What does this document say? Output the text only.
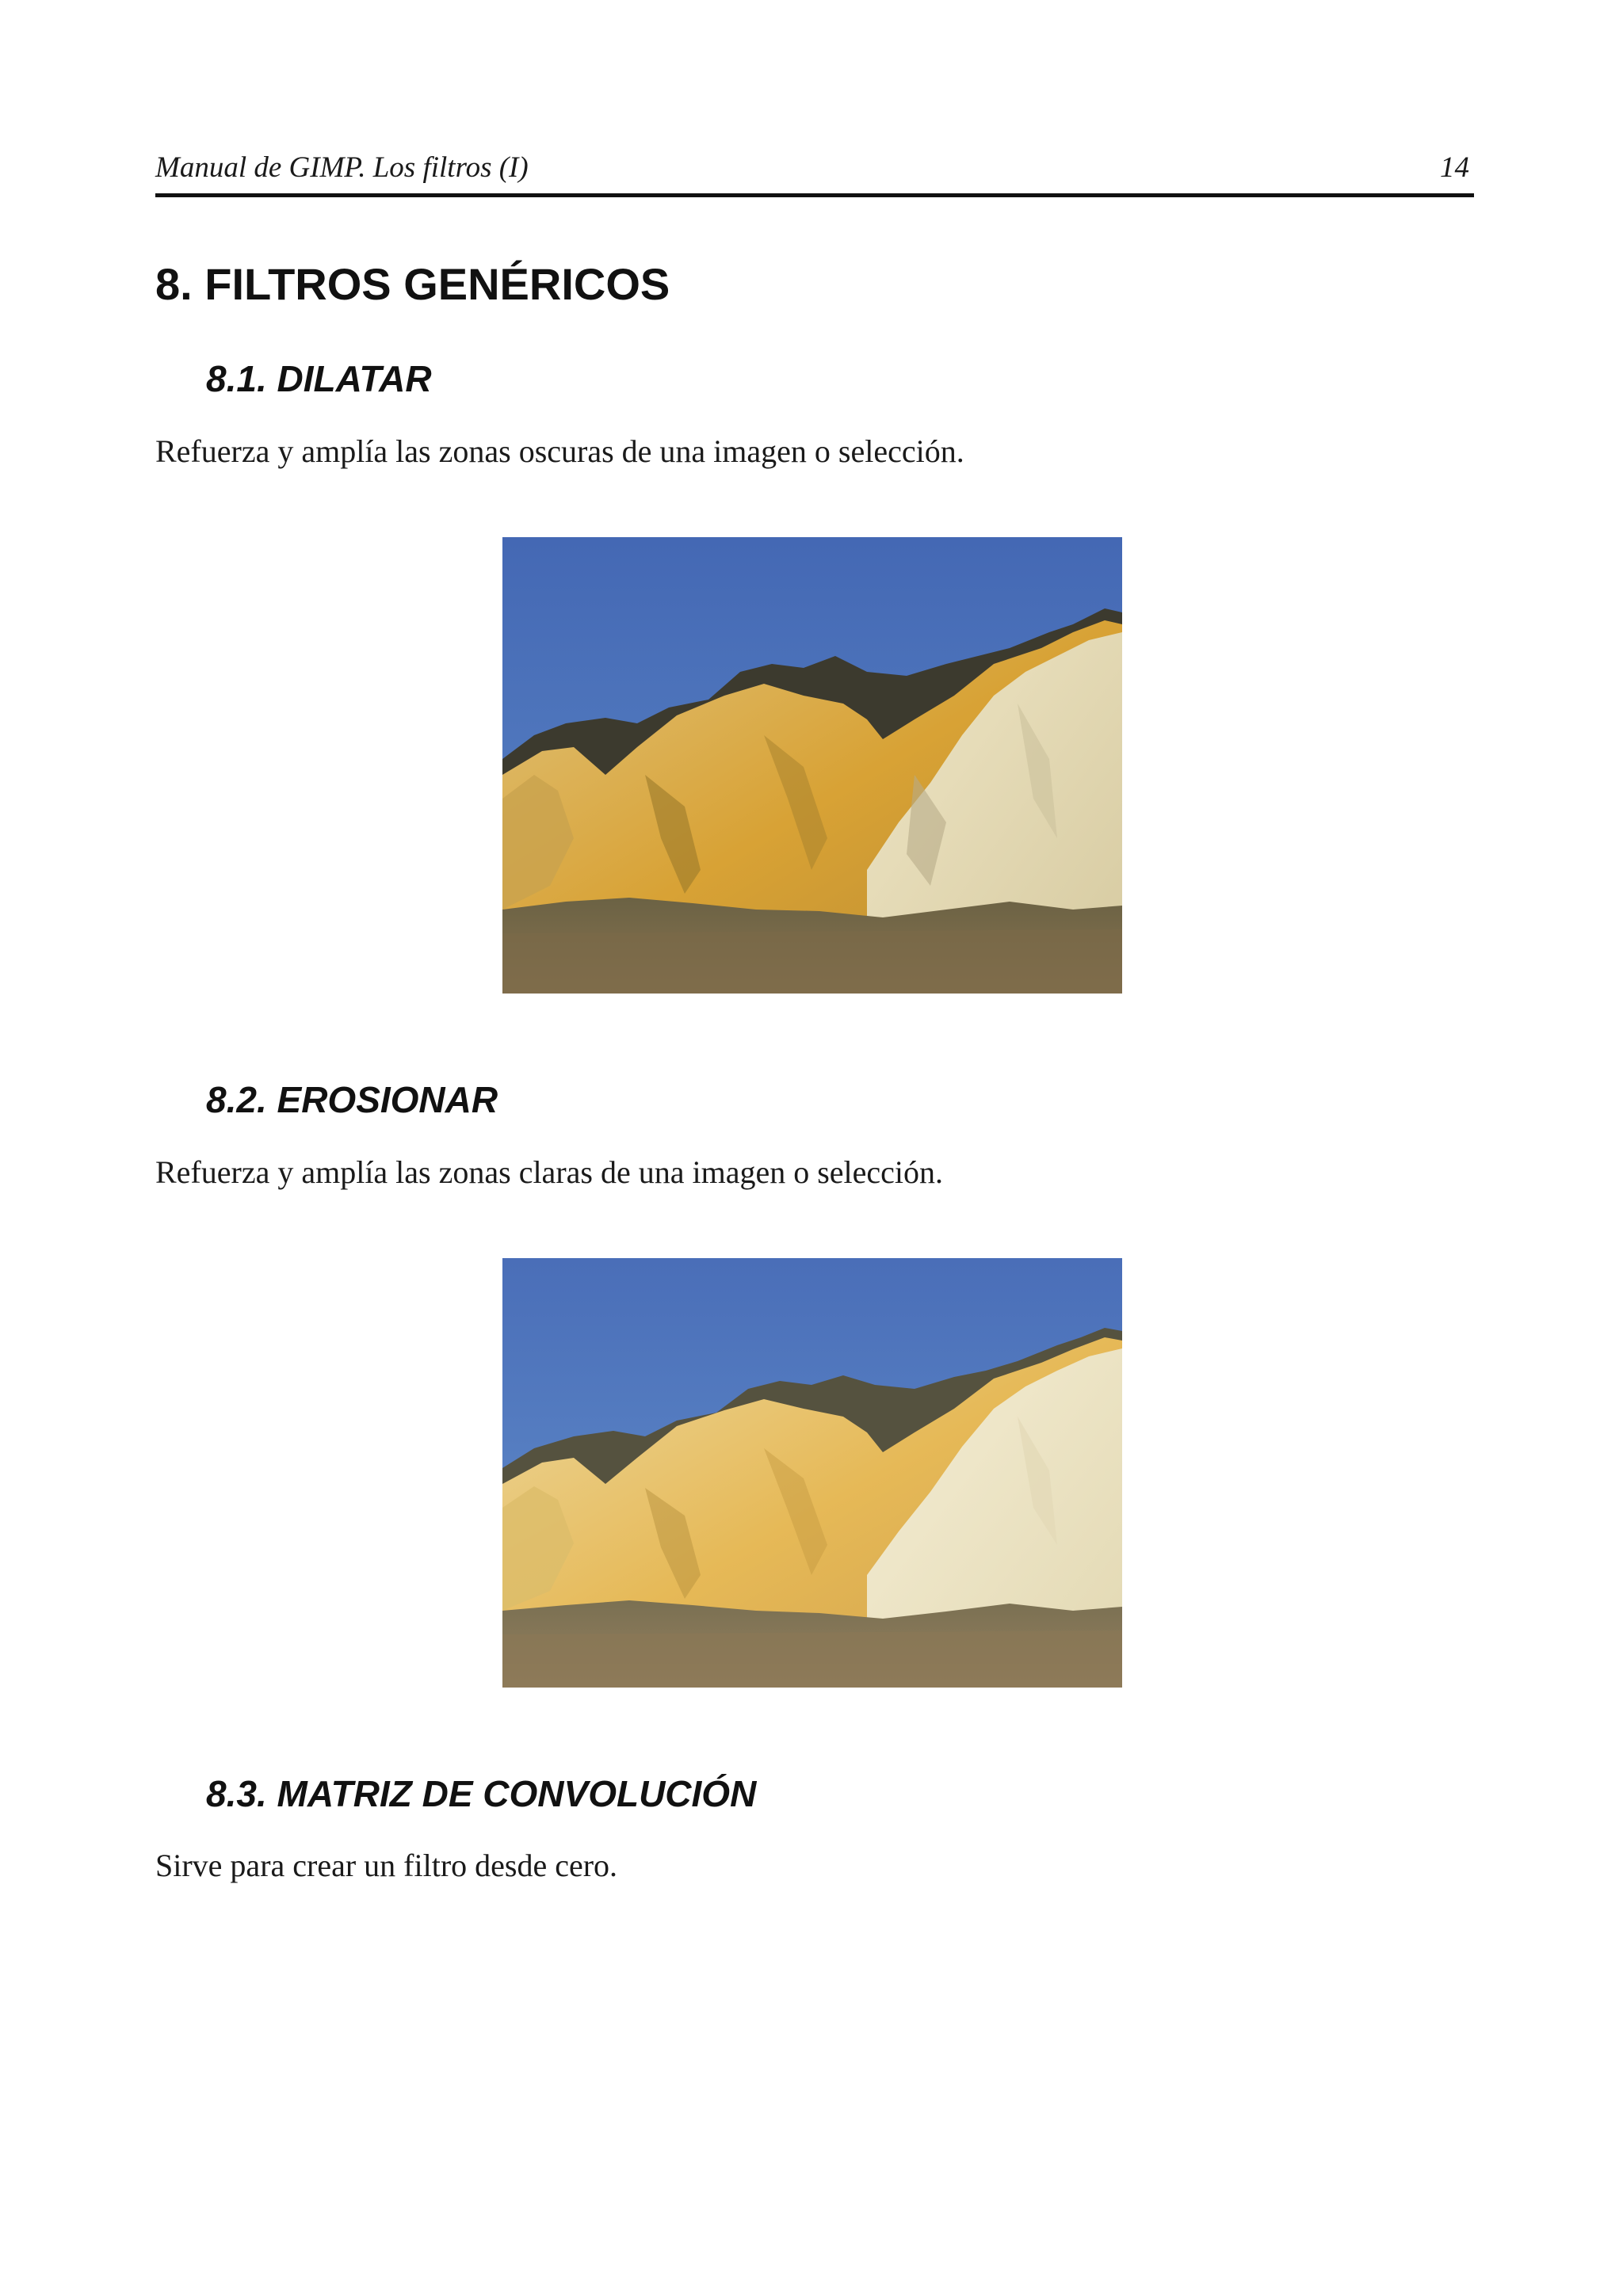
Manual de GIMP. Los filtros (I)	14
8. FILTROS GENÉRICOS
8.1. DILATAR
Refuerza y amplía las zonas oscuras de una imagen o selección.
8.2. EROSIONAR
Refuerza y amplía las zonas claras de una imagen o selección.
8.3. MATRIZ DE CONVOLUCIÓN
Sirve para crear un filtro desde cero.
